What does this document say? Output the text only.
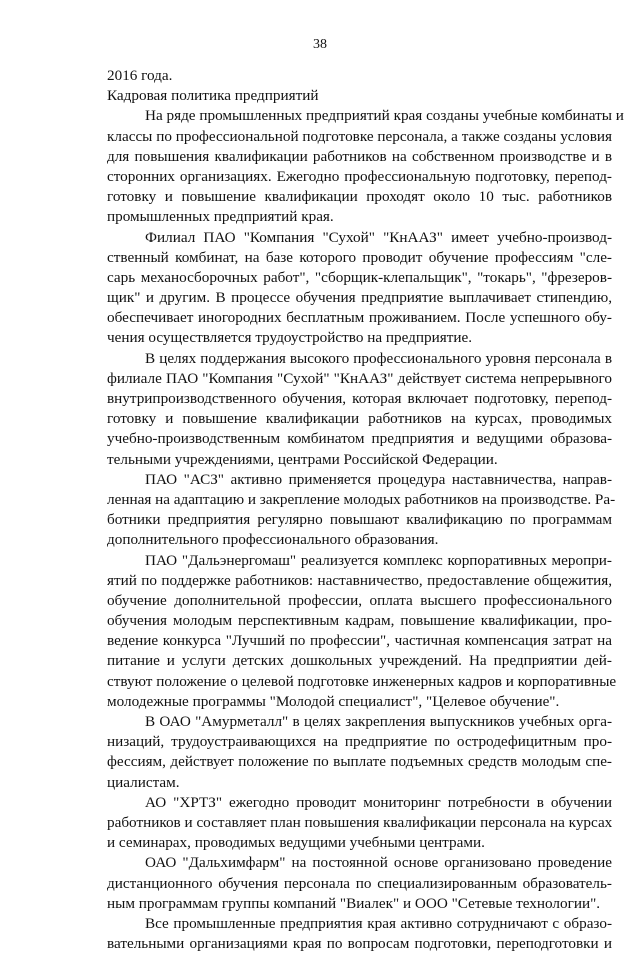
38
2016 года.
Кадровая политика предприятий
На ряде промышленных предприятий края созданы учебные комбинаты и
классы по профессиональной подготовке персонала, а также созданы условия
для повышения квалификации работников на собственном производстве и в
сторонних организациях. Ежегодно профессиональную подготовку, перепод-
готовку и повышение квалификации проходят около 10 тыс. работников
промышленных предприятий края.
Филиал ПАО "Компания "Сухой" "КнААЗ" имеет учебно-производ-
ственный комбинат, на базе которого проводит обучение профессиям "сле-
сарь механосборочных работ", "сборщик-клепальщик", "токарь", "фрезеров-
щик" и другим. В процессе обучения предприятие выплачивает стипендию,
обеспечивает иногородних бесплатным проживанием. После успешного обу-
чения осуществляется трудоустройство на предприятие.
В целях поддержания высокого профессионального уровня персонала в
филиале ПАО "Компания "Сухой" "КнААЗ" действует система непрерывного
внутрипроизводственного обучения, которая включает подготовку, перепод-
готовку и повышение квалификации работников на курсах, проводимых
учебно-производственным комбинатом предприятия и ведущими образова-
тельными учреждениями, центрами Российской Федерации.
ПАО "АСЗ" активно применяется процедура наставничества, направ-
ленная на адаптацию и закрепление молодых работников на производстве. Ра-
ботники предприятия регулярно повышают квалификацию по программам
дополнительного профессионального образования.
ПАО "Дальэнергомаш" реализуется комплекс корпоративных меропри-
ятий по поддержке работников: наставничество, предоставление общежития,
обучение дополнительной профессии, оплата высшего профессионального
обучения молодым перспективным кадрам, повышение квалификации, про-
ведение конкурса "Лучший по профессии", частичная компенсация затрат на
питание и услуги детских дошкольных учреждений. На предприятии дей-
ствуют положение о целевой подготовке инженерных кадров и корпоративные
молодежные программы "Молодой специалист", "Целевое обучение".
В ОАО "Амурметалл" в целях закрепления выпускников учебных орга-
низаций, трудоустраивающихся на предприятие по остродефицитным про-
фессиям, действует положение по выплате подъемных средств молодым спе-
циалистам.
АО "ХРТЗ" ежегодно проводит мониторинг потребности в обучении
работников и составляет план повышения квалификации персонала на курсах
и семинарах, проводимых ведущими учебными центрами.
ОАО "Дальхимфарм" на постоянной основе организовано проведение
дистанционного обучения персонала по специализированным образователь-
ным программам группы компаний "Виалек" и ООО "Сетевые технологии".
Все промышленные предприятия края активно сотрудничают с образо-
вательными организациями края по вопросам подготовки, переподготовки и
